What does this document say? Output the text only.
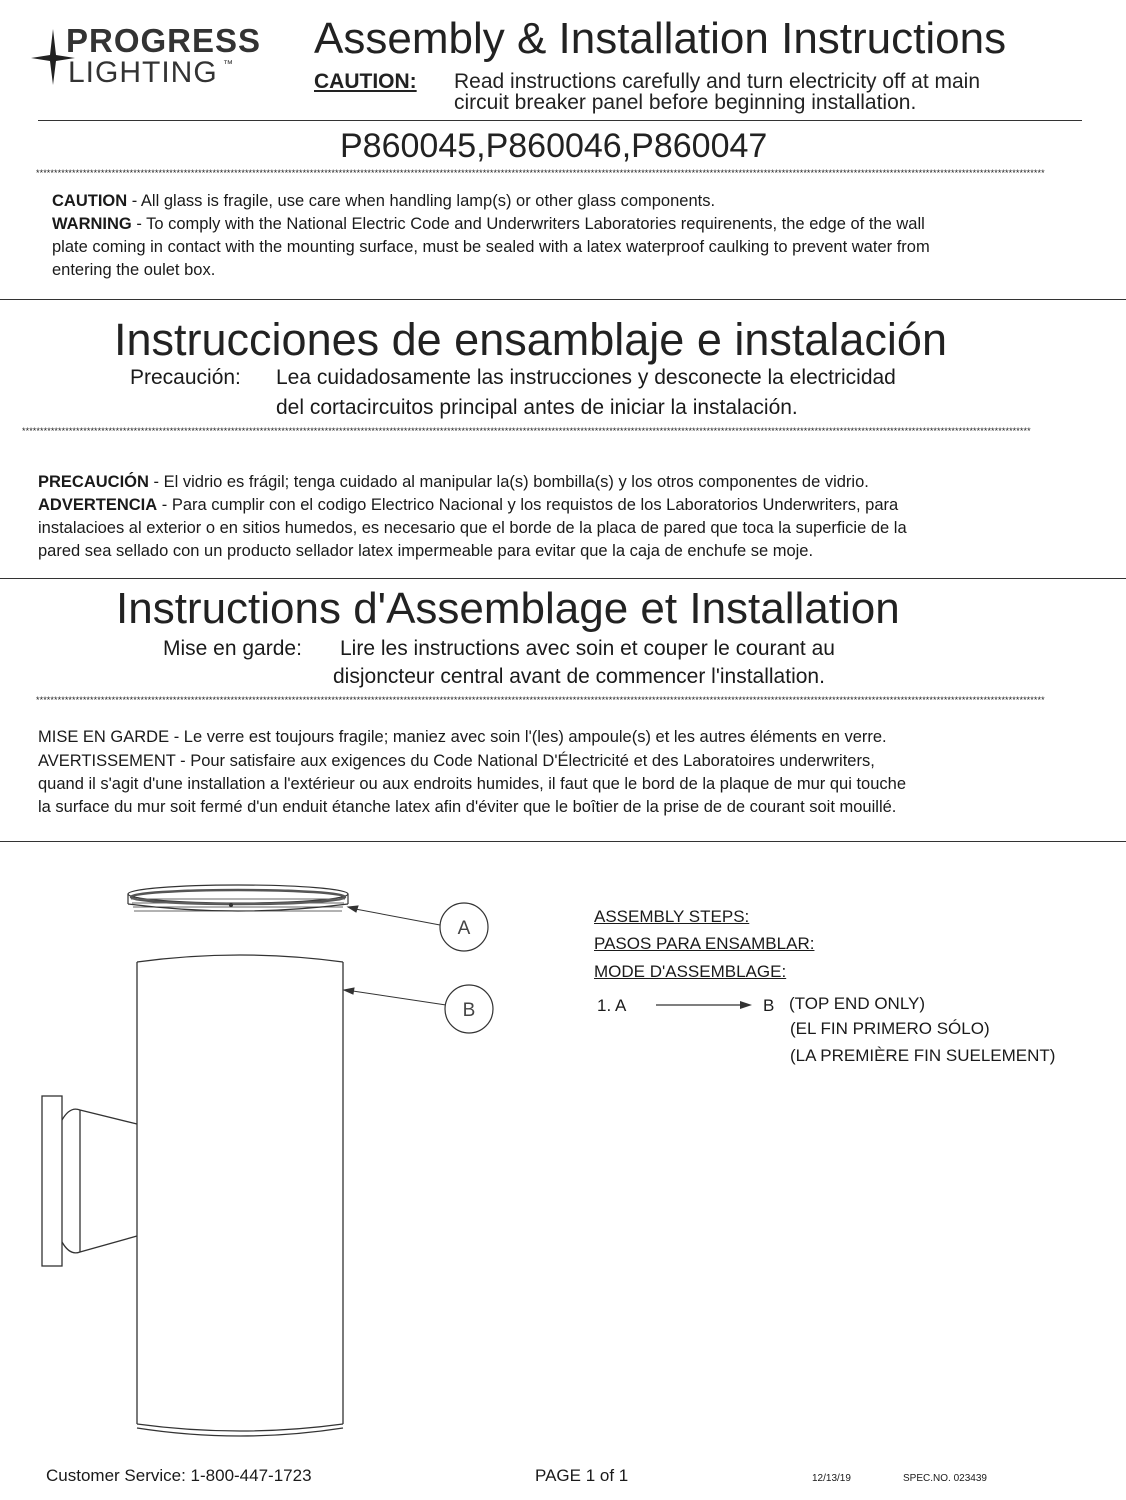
PROGRESS
LIGHTING ™
Assembly & Installation Instructions
CAUTION: Read instructions carefully and turn electricity off at main
circuit breaker panel before beginning installation.
P860045,P860046,P860047
****************************************************************************************************************************************************************************************************************************************************************************************
CAUTION - All glass is fragile, use care when handling lamp(s) or other glass components.
WARNING - To comply with the National Electric Code and Underwriters Laboratories requirenents, the edge of the wall
plate coming in contact with the mounting surface, must be sealed with a latex waterproof caulking to prevent water from
entering the oulet box.
Instrucciones de ensamblaje e instalación
Precaución: Lea cuidadosamente las instrucciones y desconecte la electricidad
del cortacircuitos principal antes de iniciar la instalación.
****************************************************************************************************************************************************************************************************************************************************************************************
PRECAUCIÓN - El vidrio es frágil; tenga cuidado al manipular la(s) bombilla(s) y los otros componentes de vidrio.
ADVERTENCIA - Para cumplir con el codigo Electrico Nacional y los requistos de los Laboratorios Underwriters, para
instalacioes al exterior o en sitios humedos, es necesario que el borde de la placa de pared que toca la superficie de la
pared sea sellado con un producto sellador latex impermeable para evitar que la caja de enchufe se moje.
Instructions d'Assemblage et Installation
Mise en garde: Lire les instructions avec soin et couper le courant au
disjoncteur central avant de commencer l'installation.
****************************************************************************************************************************************************************************************************************************************************************************************
MISE EN GARDE - Le verre est toujours fragile; maniez avec soin l'(les) ampoule(s) et les autres éléments en verre.
AVERTISSEMENT - Pour satisfaire aux exigences du Code National D'Électricité et des Laboratoires underwriters,
quand il s'agit d'une installation a l'extérieur ou aux endroits humides, il faut que le bord de la plaque de mur qui touche
la surface du mur soit fermé d'un enduit étanche latex afin d'éviter que le boîtier de la prise de de courant soit mouillé.
A
B
ASSEMBLY STEPS:
PASOS PARA ENSAMBLAR:
MODE D'ASSEMBLAGE:
1. A	B (TOP END ONLY)
(EL FIN PRIMERO SÓLO)
(LA PREMIÈRE FIN SUELEMENT)
Customer Service: 1-800-447-1723	PAGE 1 of 1	12/13/19	SPEC.NO. 023439
